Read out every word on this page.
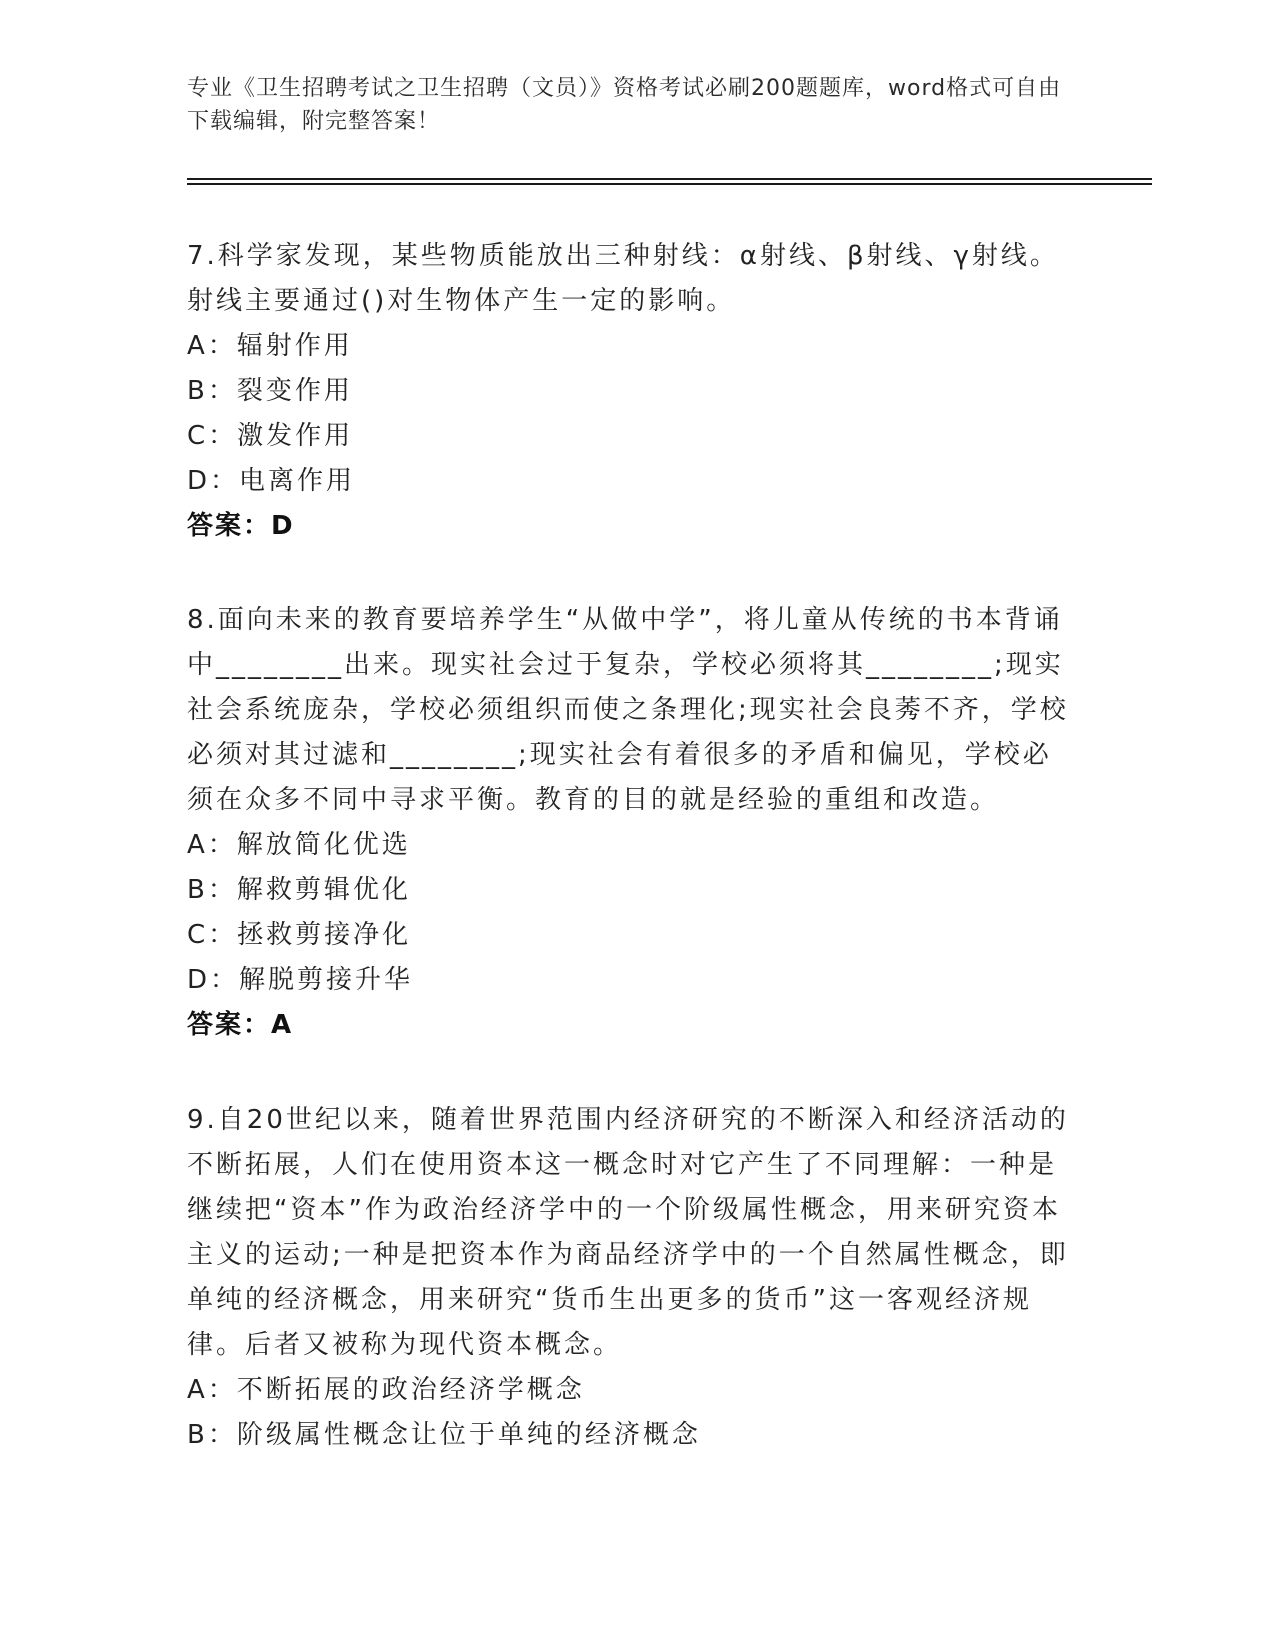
专业《卫生招聘考试之卫生招聘（文员）》资格考试必刷200题题库，word格式可自由下载编辑，附完整答案！

7.科学家发现，某些物质能放出三种射线：α射线、β射线、γ射线。射线主要通过()对生物体产生一定的影响。

A：辐射作用

B：裂变作用

C：激发作用

D：电离作用

答案：D

8.面向未来的教育要培养学生“从做中学”，将儿童从传统的书本背诵中________出来。现实社会过于复杂，学校必须将其________;现实社会系统庞杂，学校必须组织而使之条理化;现实社会良莠不齐，学校必须对其过滤和________;现实社会有着很多的矛盾和偏见，学校必须在众多不同中寻求平衡。教育的目的就是经验的重组和改造。

A：解放简化优选

B：解救剪辑优化

C：拯救剪接净化

D：解脱剪接升华

答案：A

9.自20世纪以来，随着世界范围内经济研究的不断深入和经济活动的不断拓展，人们在使用资本这一概念时对它产生了不同理解：一种是继续把“资本”作为政治经济学中的一个阶级属性概念，用来研究资本主义的运动;一种是把资本作为商品经济学中的一个自然属性概念，即单纯的经济概念，用来研究“货币生出更多的货币”这一客观经济规律。后者又被称为现代资本概念。

A：不断拓展的政治经济学概念

B：阶级属性概念让位于单纯的经济概念
